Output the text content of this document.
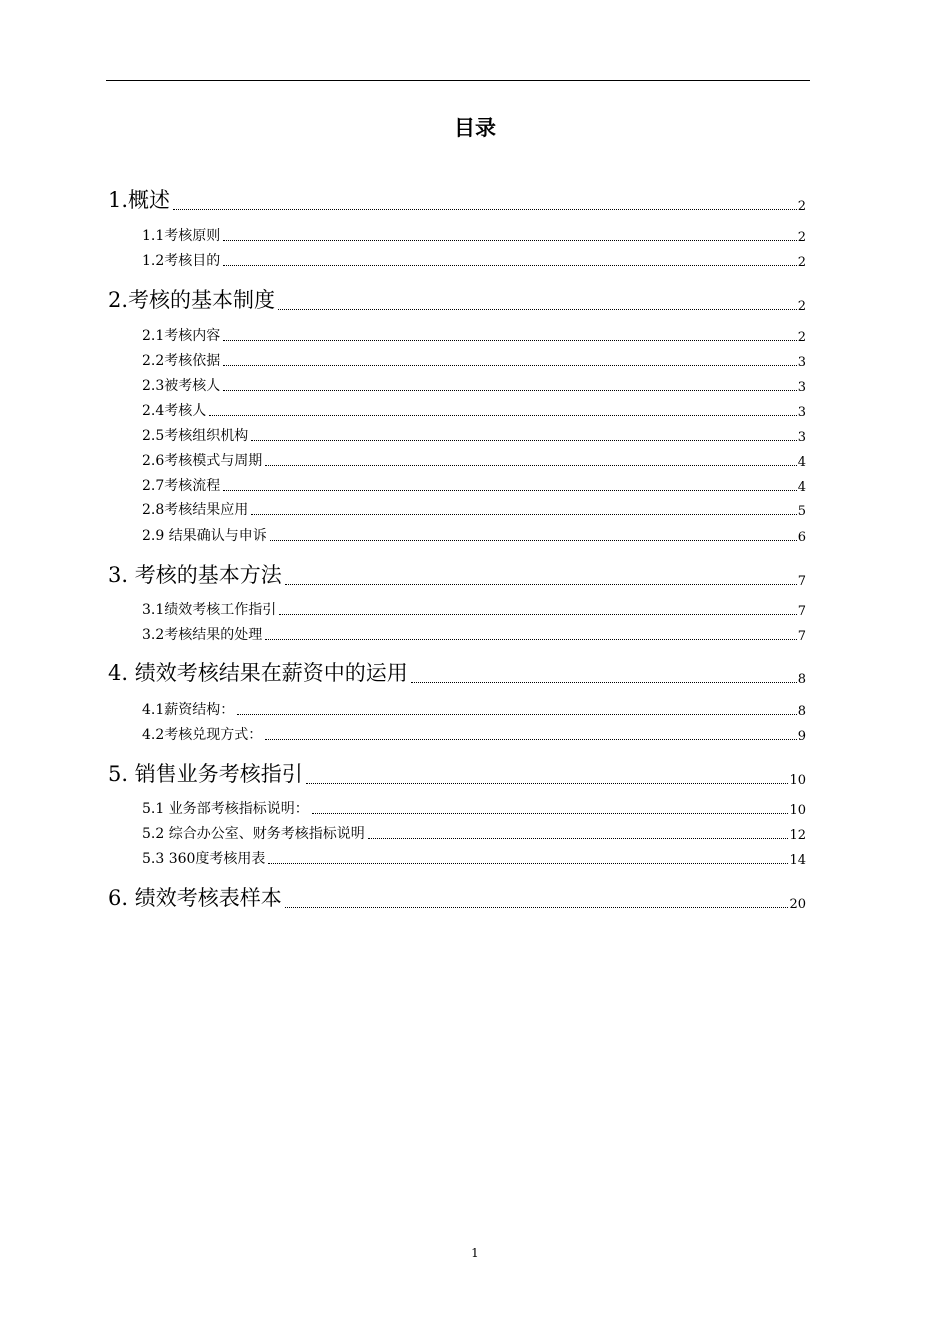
目录
1.概述	2
1.1考核原则	2
1.2考核目的	2
2.考核的基本制度	2
2.1考核内容	2
2.2考核依据	3
2.3被考核人	3
2.4考核人	3
2.5考核组织机构	3
2.6考核模式与周期	4
2.7考核流程	4
2.8考核结果应用	5
2.9 结果确认与申诉	6
3. 考核的基本方法	7
3.1绩效考核工作指引	7
3.2考核结果的处理	7
4. 绩效考核结果在薪资中的运用	8
4.1薪资结构：	8
4.2考核兑现方式：	9
5. 销售业务考核指引	10
5.1 业务部考核指标说明：	10
5.2 综合办公室、财务考核指标说明	12
5.3 360度考核用表	14
6. 绩效考核表样本	20
1
